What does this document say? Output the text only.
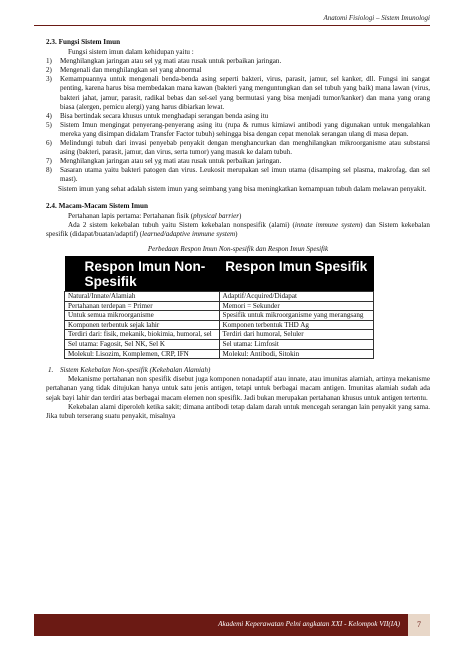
Anatomi Fisiologi – Sistem Imunologi
2.3. Fungsi Sistem Imun
Fungsi sistem imun dalam kehidupan yaitu :
1) Menghilangkan jaringan atau sel yg mati atau rusak untuk perbaikan jaringan.
2) Mengenali dan menghilangkan sel yang abnormal
3) Kemampuannya untuk mengenali benda-benda asing seperti bakteri, virus, parasit, jamur, sel kanker, dll. Fungsi ini sangat penting, karena harus bisa membedakan mana kawan (bakteri yang menguntungkan dan sel tubuh yang baik) mana lawan (virus, bakteri jahat, jamur, parasit, radikal bebas dan sel-sel yang bermutasi yang bisa menjadi tumor/kanker) dan mana yang orang biasa (alergen, pemicu alergi) yang harus dibiarkan lewat.
4) Bisa bertindak secara khusus untuk menghadapi serangan benda asing itu
5) Sistem Imun mengingat penyerang-penyerang asing itu (rupa & rumus kimiawi antibodi yang digunakan untuk mengalahkan mereka yang disimpan didalam Transfer Factor tubuh) sehingga bisa dengan cepat menolak serangan ulang di masa depan.
6) Melindungi tubuh dari invasi penyebab penyakit dengan menghancurkan dan menghilangkan mikroorganisme atau substansi asing (bakteri, parasit, jamur, dan virus, serta tumor) yang masuk ke dalam tubuh.
7) Menghilangkan jaringan atau sel yg mati atau rusak untuk perbaikan jaringan.
8) Sasaran utama yaitu bakteri patogen dan virus. Leukosit merupakan sel imun utama (disamping sel plasma, makrofag, dan sel mast).
Sistem imun yang sehat adalah sistem imun yang seimbang yang bisa meningkatkan kemampuan tubuh dalam melawan penyakit.
2.4. Macam-Macam Sistem Imun
Pertahanan lapis pertama: Pertahanan fisik (physical barrier)
Ada 2 sistem kekebalan tubuh yaitu Sistem kekebalan nonspesifik (alami) (innate immune system) dan Sistem kekebalan spesifik (didapat/buatan/adaptif) (learned/adaptive immune system)
Perbedaan Respon Imun Non-spesifik dan Respon Imun Spesifik
Respon Imun Non-Spesifik	Respon Imun Spesifik
Natural/Innate/Alamiah	Adaptif/Acquired/Didapat
Pertahanan terdepan = Primer	Memori = Sekunder
Untuk semua mikroorganisme	Spesifik untuk mikroorganisme yang merangsang
Komponen terbentuk sejak lahir	Komponen terbentuk THD Ag
Terdiri dari: fisik, mekanik, biokimia, humoral, sel	Terdiri dari humoral, Seluler
Sel utama: Fagosit, Sel NK, Sel K	Sel utama: Limfosit
Molekul: Lisozim, Komplemen, CRP, IFN	Molekul: Antibodi, Sitokin
1. Sistem Kekebalan Non-spesifik (Kekebalan Alamiah)
Mekanisme pertahanan non spesifik disebut juga komponen nonadaptif atau innate, atau imunitas alamiah, artinya mekanisme pertahanan yang tidak ditujukan hanya untuk satu jenis antigen, tetapi untuk berbagai macam antigen. Imunitas alamiah sudah ada sejak bayi lahir dan terdiri atas berbagai macam elemen non spesifik. Jadi bukan merupakan pertahanan khusus untuk antigen tertentu.
Kekebalan alami diperoleh ketika sakit; dimana antibodi tetap dalam darah untuk mencegah serangan lain penyakit yang sama. Jika tubuh terserang suatu penyakit, misalnya
Akademi Keperawatan Pelni angkatan XXI - Kelompok VII(IA)	7
